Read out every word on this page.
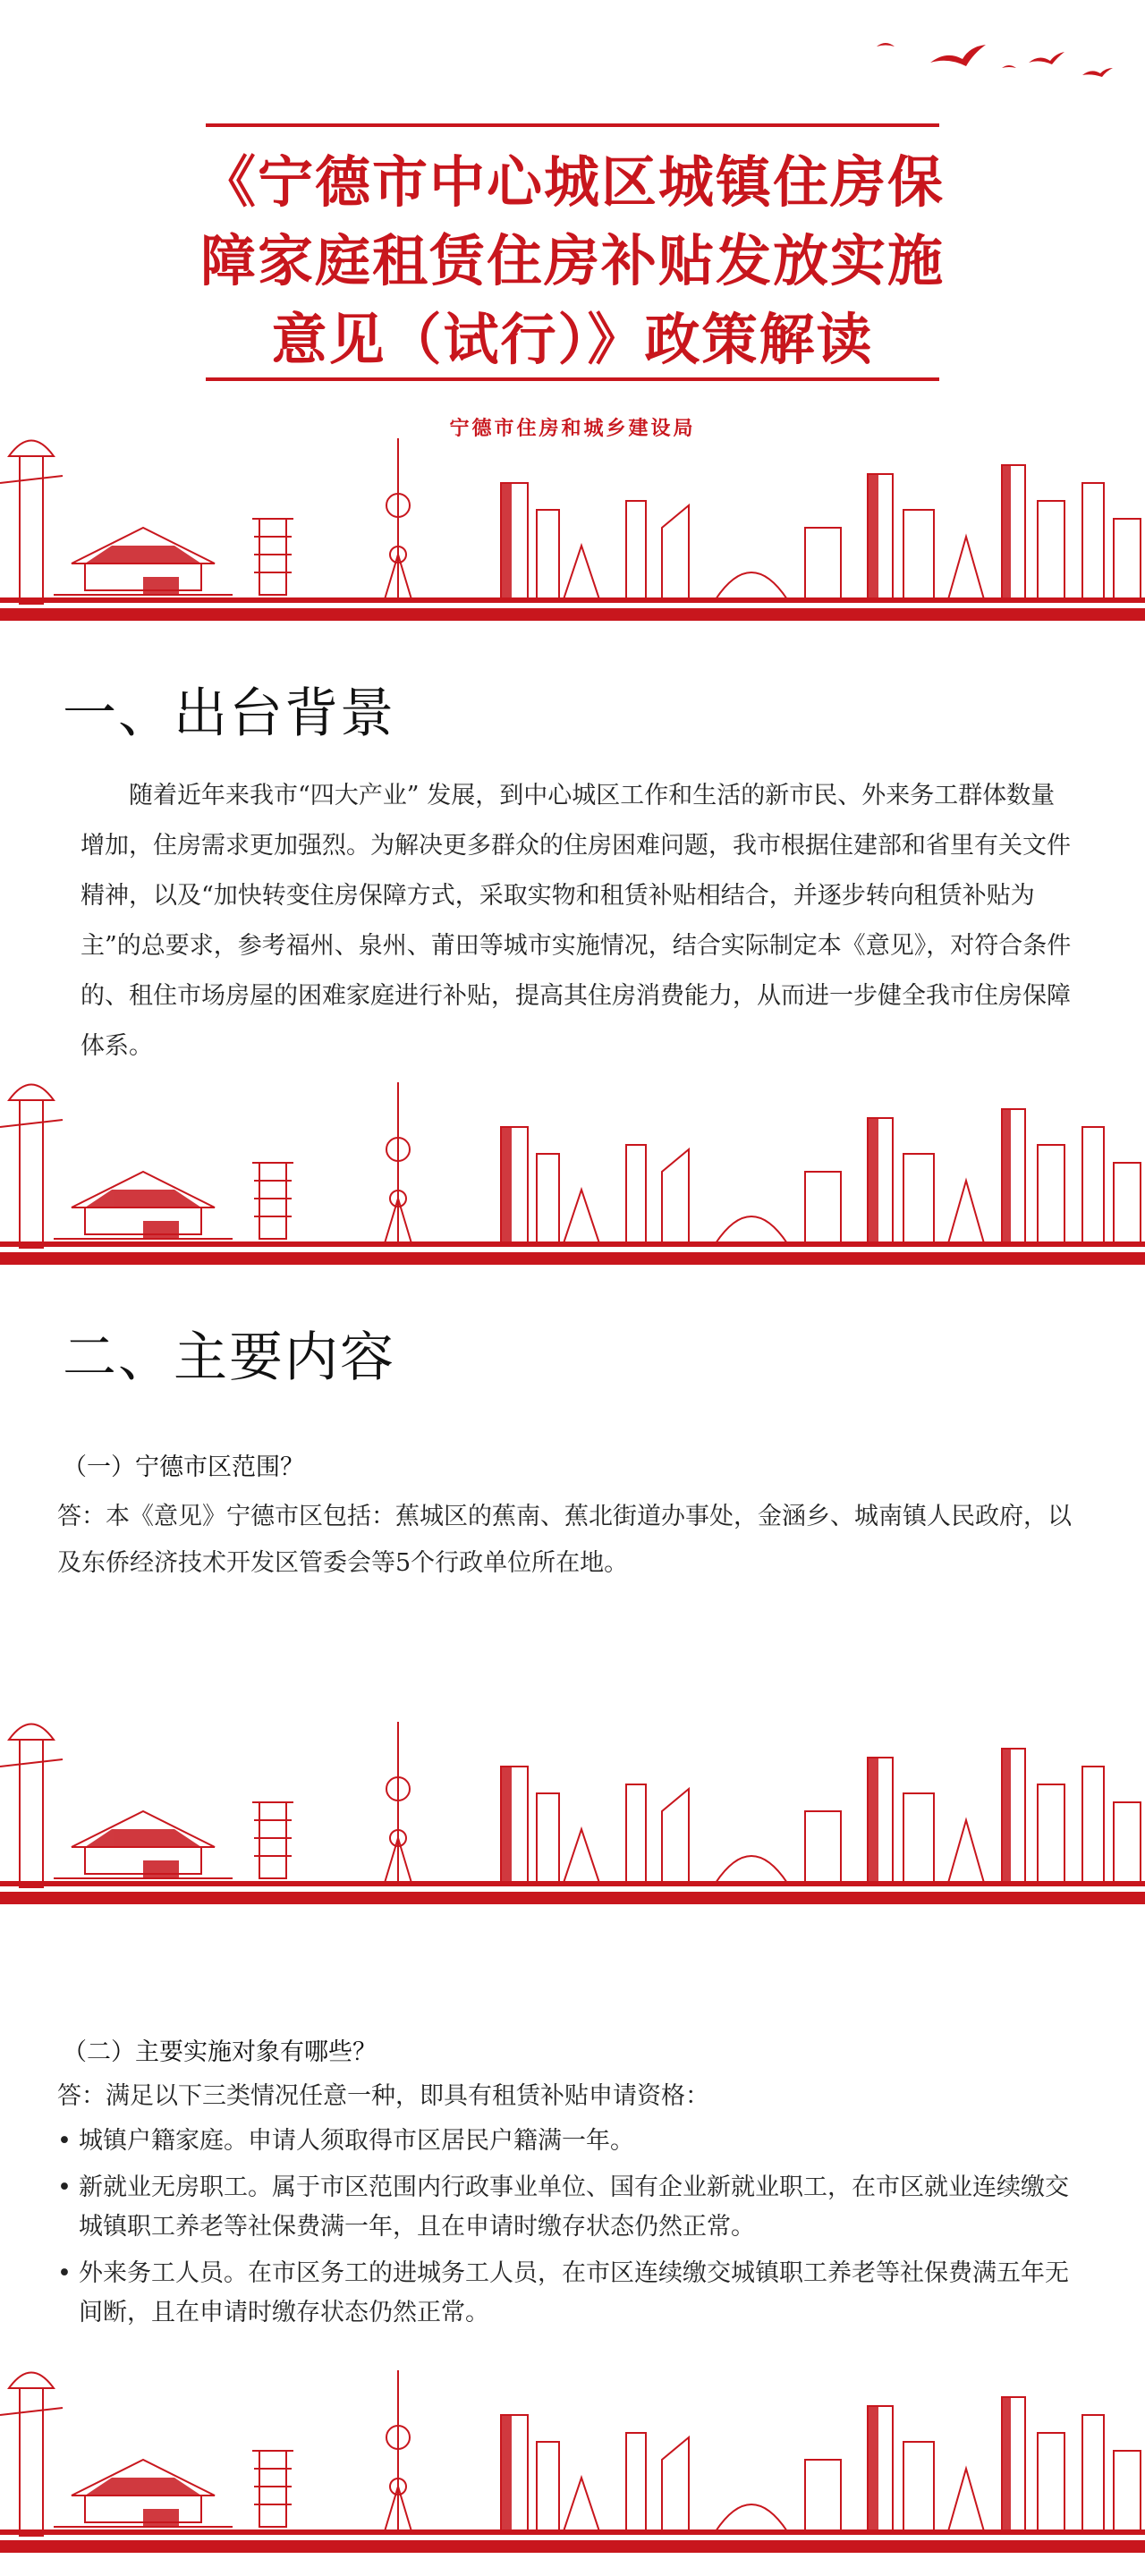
《宁德市中心城区城镇住房保
障家庭租赁住房补贴发放实施
意见（试行）》政策解读
宁德市住房和城乡建设局
一、出台背景

随着近年来我市“四大产业” 发展，到中心城区工作和生活的新市民、外来务工群体数量增加，住房需求更加强烈。为解决更多群众的住房困难问题，我市根据住建部和省里有关文件精神，以及“加快转变住房保障方式，采取实物和租赁补贴相结合，并逐步转向租赁补贴为主”的总要求，参考福州、泉州、莆田等城市实施情况，结合实际制定本《意见》，对符合条件的、租住市场房屋的困难家庭进行补贴，提高其住房消费能力，从而进一步健全我市住房保障体系。

二、主要内容

（一）宁德市区范围？

答：本《意见》宁德市区包括：蕉城区的蕉南、蕉北街道办事处，金涵乡、城南镇人民政府，以及东侨经济技术开发区管委会等5个行政单位所在地。

（二）主要实施对象有哪些？

答：满足以下三类情况任意一种，即具有租赁补贴申请资格：

• 城镇户籍家庭。申请人须取得市区居民户籍满一年。
• 新就业无房职工。属于市区范围内行政事业单位、国有企业新就业职工，在市区就业连续缴交城镇职工养老等社保费满一年，且在申请时缴存状态仍然正常。
• 外来务工人员。在市区务工的进城务工人员，在市区连续缴交城镇职工养老等社保费满五年无间断，且在申请时缴存状态仍然正常。
